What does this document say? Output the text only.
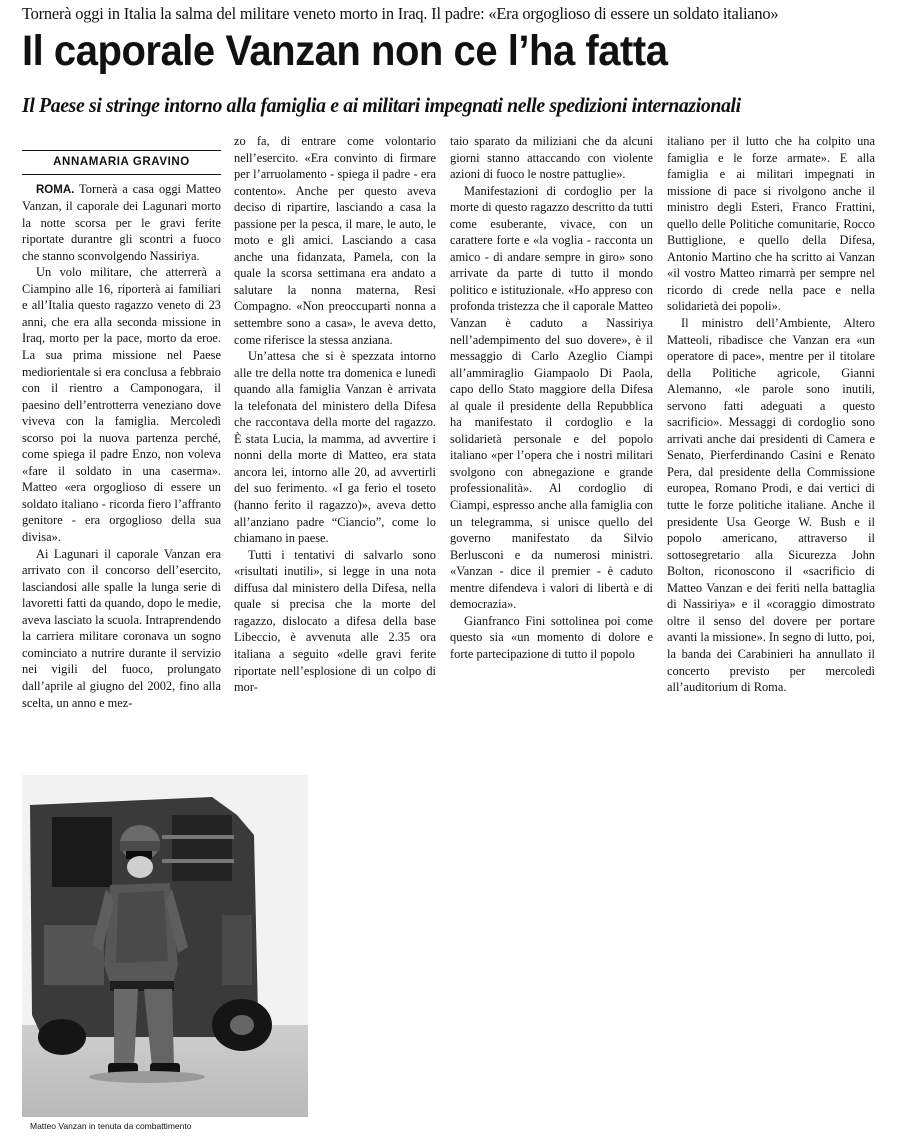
Tornerà oggi in Italia la salma del militare veneto morto in Iraq. Il padre: «Era orgoglioso di essere un soldato italiano»
Il caporale Vanzan non ce l’ha fatta
Il Paese si stringe intorno alla famiglia e ai militari impegnati nelle spedizioni internazionali
ANNAMARIA GRAVINO

ROMA. Tornerà a casa oggi Matteo Vanzan, il caporale dei Lagunari morto la notte scorsa per le gravi ferite riportate durantre gli scontri a fuoco che stanno sconvolgendo Nassiriya.

Un volo militare, che atterrerà a Ciampino alle 16, riporterà ai familiari e all’Italia questo ragazzo veneto di 23 anni, che era alla seconda missione in Iraq, morto per la pace, morto da eroe. La sua prima missione nel Paese mediorientale si era conclusa a febbraio con il rientro a Camponogara, il paesino dell’entrotterra veneziano dove viveva con la famiglia. Mercoledì scorso poi la nuova partenza perché, come spiega il padre Enzo, non voleva «fare il soldato in una caserma». Matteo «era orgoglioso di essere un soldato italiano - ricorda fiero l’affranto genitore - era orgoglioso della sua divisa».

Ai Lagunari il caporale Vanzan era arrivato con il concorso dell’esercito, lasciandosi alle spalle la lunga serie di lavoretti fatti da quando, dopo le medie, aveva lasciato la scuola. Intraprendendo la carriera militare coronava un sogno cominciato a nutrire durante il servizio nei vigili del fuoco, prolungato dall’aprile al giugno del 2002, fino alla scelta, un anno e mez-

zo fa, di entrare come volontario nell’esercito. «Era convinto di firmare per l’arruolamento - spiega il padre - era contento». Anche per questo aveva deciso di ripartire, lasciando a casa la passione per la pesca, il mare, le auto, le moto e gli amici. Lasciando a casa anche una fidanzata, Pamela, con la quale la scorsa settimana era andato a salutare la nonna materna, Resi Compagno. «Non preoccuparti nonna a settembre sono a casa», le aveva detto, come riferisce la stessa anziana.

Un’attesa che si è spezzata intorno alle tre della notte tra domenica e lunedì quando alla famiglia Vanzan è arrivata la telefonata del ministero della Difesa che raccontava della morte del ragazzo. È stata Lucia, la mamma, ad avvertire i nonni della morte di Matteo, era stata ancora lei, intorno alle 20, ad avvertirli del suo ferimento. «I ga ferio el toseto (hanno ferito il ragazzo)», aveva detto all’anziano padre “Ciancio”, come lo chiamano in paese.

Tutti i tentativi di salvarlo sono «risultati inutili», si legge in una nota diffusa dal ministero della Difesa, nella quale si precisa che la morte del ragazzo, dislocato a difesa della base Libeccio, è avvenuta alle 2.35 ora italiana a seguito «delle gravi ferite riportate nell’esplosione di un colpo di mor-

taio sparato da miliziani che da alcuni giorni stanno attaccando con violente azioni di fuoco le nostre pattuglie».

Manifestazioni di cordoglio per la morte di questo ragazzo descritto da tutti come esuberante, vivace, con un carattere forte e «la voglia - racconta un amico - di andare sempre in giro» sono arrivate da parte di tutto il mondo politico e istituzionale. «Ho appreso con profonda tristezza che il caporale Matteo Vanzan è caduto a Nassiriya nell’adempimento del suo dovere», è il messaggio di Carlo Azeglio Ciampi all’ammiraglio Giampaolo Di Paola, capo dello Stato maggiore della Difesa al quale il presidente della Repubblica ha manifestato il cordoglio e la solidarietà personale e del popolo italiano «per l’opera che i nostri militari svolgono con abnegazione e grande professionalità». Al cordoglio di Ciampi, espresso anche alla famiglia con un telegramma, si unisce quello del governo manifestato da Silvio Berlusconi e da numerosi ministri. «Vanzan - dice il premier - è caduto mentre difendeva i valori di libertà e di democrazia».

Gianfranco Fini sottolinea poi come questo sia «un momento di dolore e forte partecipazione di tutto il popolo

italiano per il lutto che ha colpito una famiglia e le forze armate». E alla famiglia e ai militari impegnati in missione di pace si rivolgono anche il ministro degli Esteri, Franco Frattini, quello delle Politiche comunitarie, Rocco Buttiglione, e quello della Difesa, Antonio Martino che ha scritto ai Vanzan «il vostro Matteo rimarrà per sempre nel ricordo di crede nella pace e nella solidarietà dei popoli».

Il ministro dell’Ambiente, Altero Matteoli, ribadisce che Vanzan era «un operatore di pace», mentre per il titolare della Politiche agricole, Gianni Alemanno, «le parole sono inutili, servono fatti adeguati a questo sacrificio». Messaggi di cordoglio sono arrivati anche dai presidenti di Camera e Senato, Pierferdinando Casini e Renato Pera, dal presidente della Commissione europea, Romano Prodi, e dai vertici di tutte le forze politiche italiane. Anche il presidente Usa George W. Bush e il popolo americano, attraverso il sottosegretario alla Sicurezza John Bolton, riconoscono il «sacrificio di Matteo Vanzan e dei feriti nella battaglia di Nassiriya» e il «coraggio dimostrato oltre il senso del dovere per portare avanti la missione». In segno di lutto, poi, la banda dei Carabinieri ha annullato il concerto previsto per mercoledì all’auditorium di Roma.

Matteo Vanzan in tenuta da combattimento
